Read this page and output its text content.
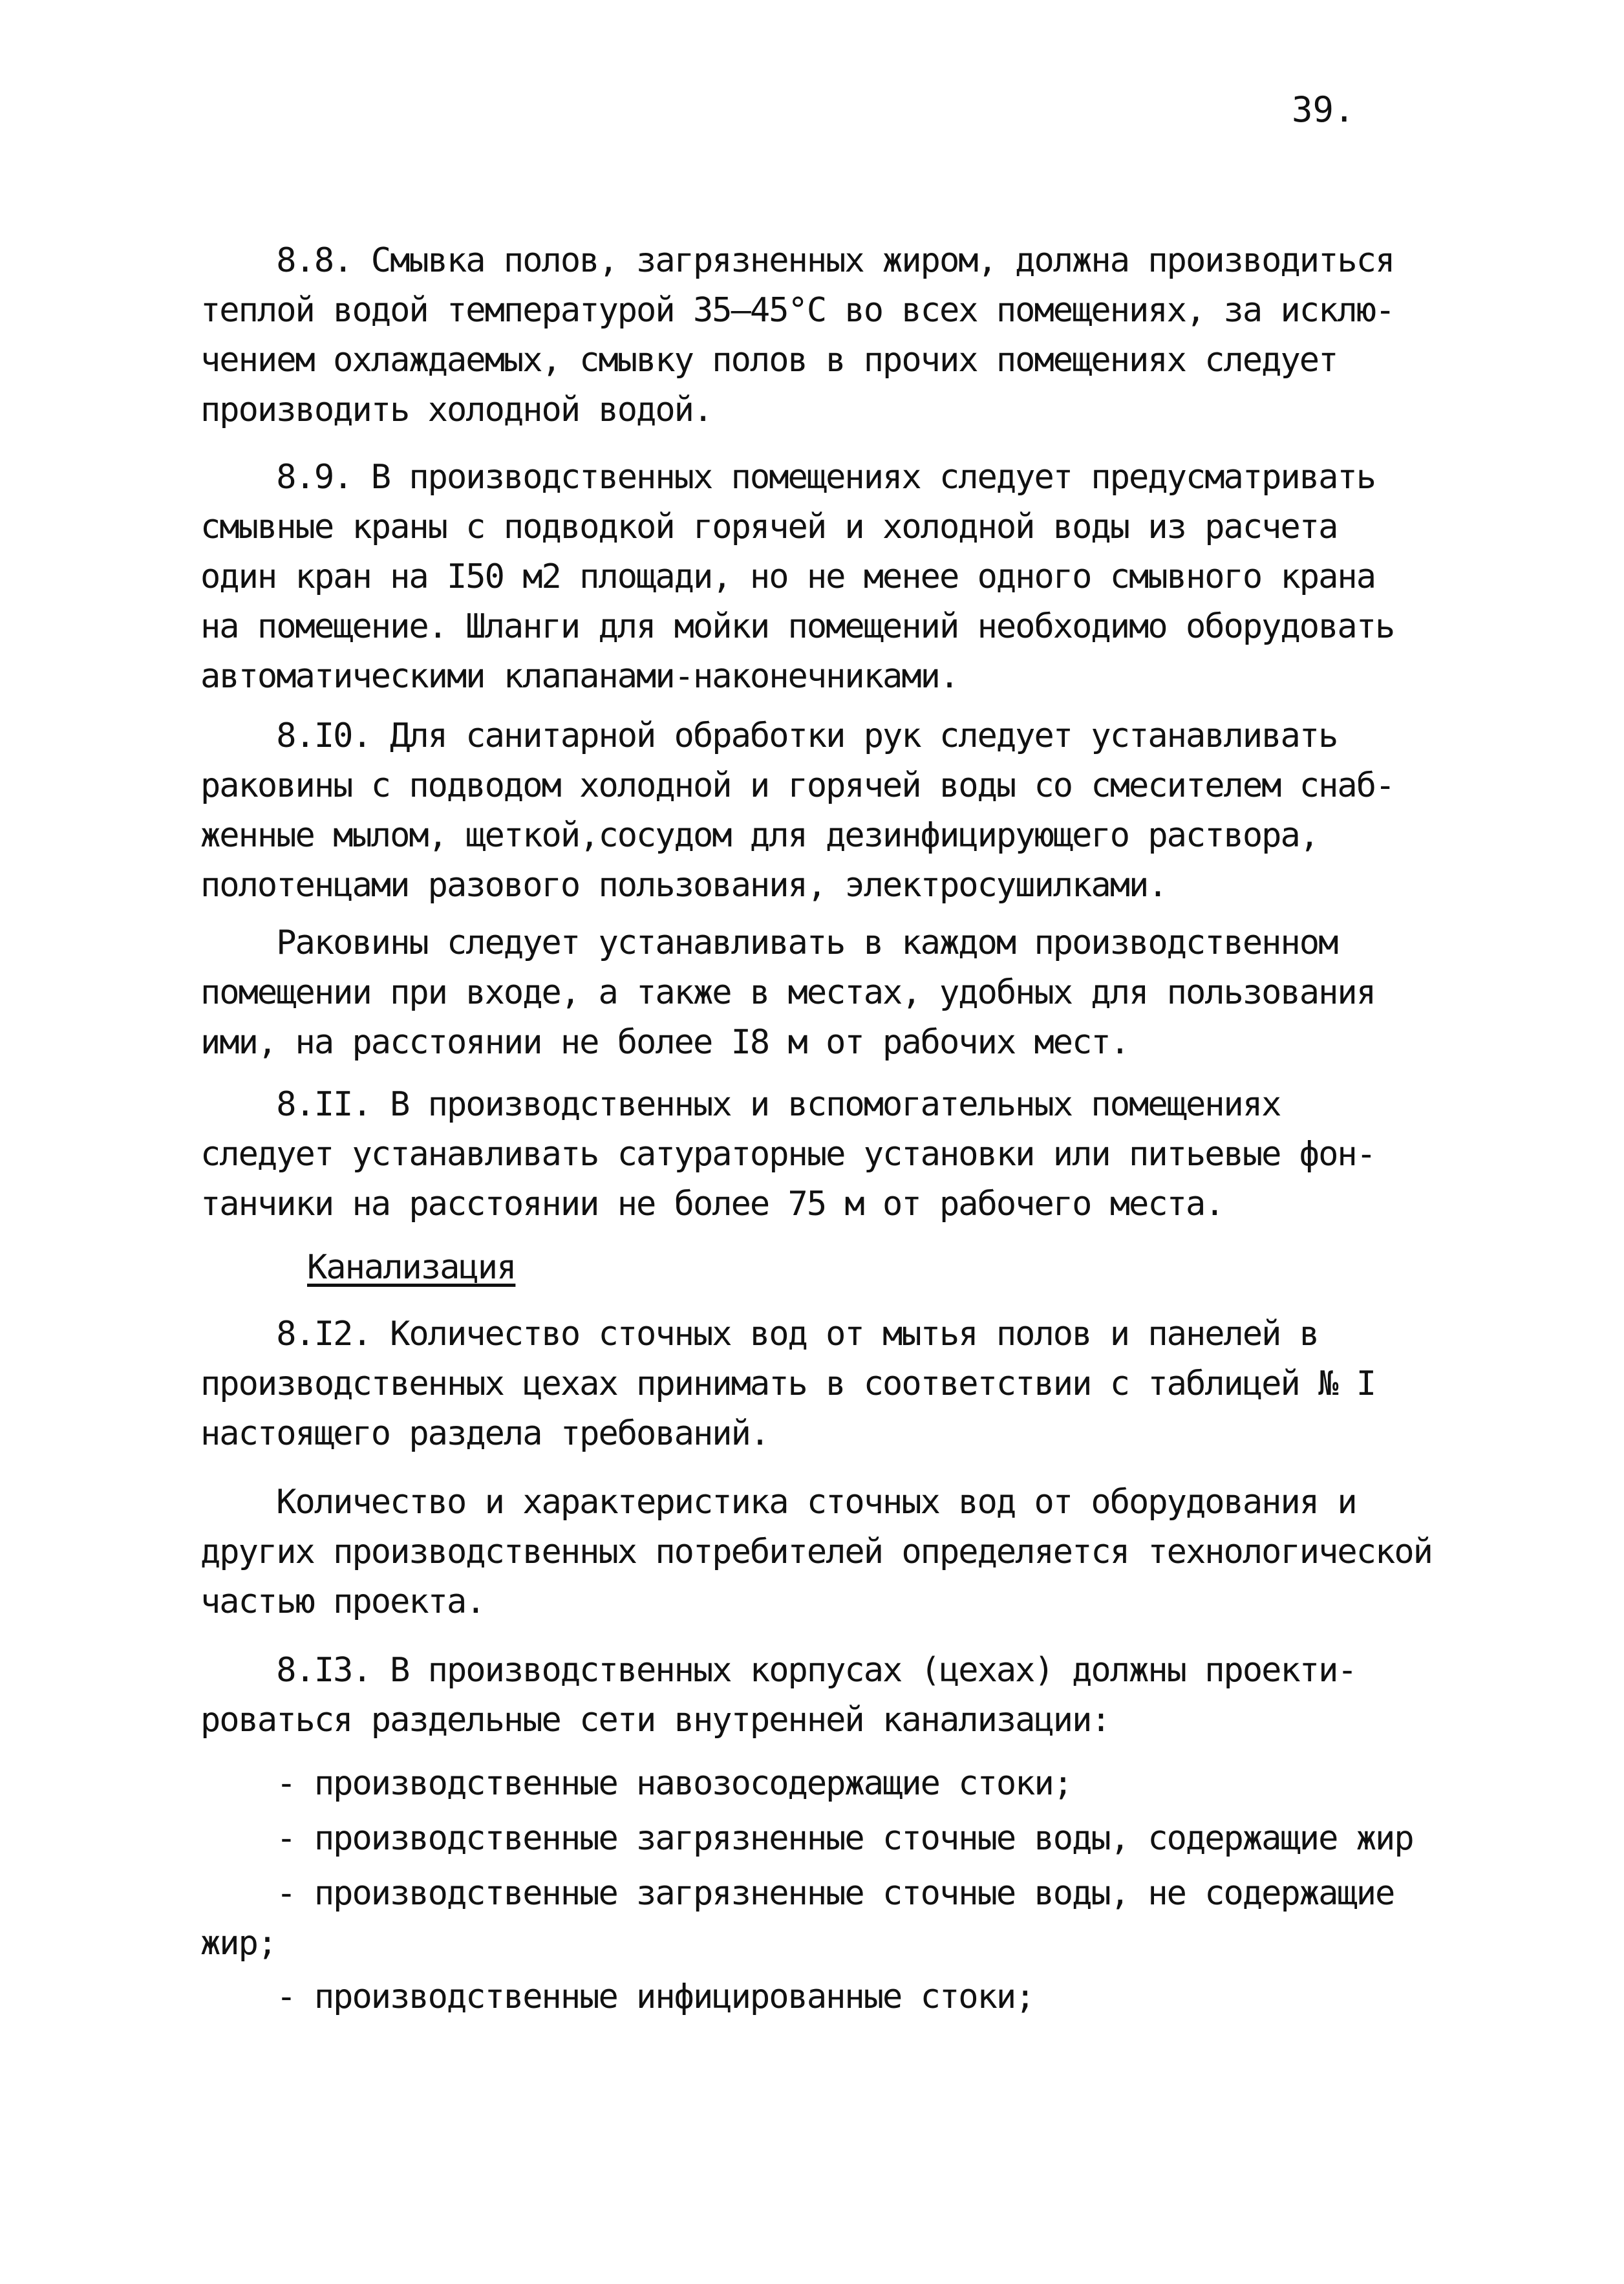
39.

8.8. Смывка полов, загрязненных жиром, должна производиться
теплой водой температурой 35–45°С во всех помещениях, за исклю-
чением охлаждаемых, смывку полов в прочих помещениях следует
производить холодной водой.

8.9. В производственных помещениях следует предусматривать
смывные краны с подводкой горячей и холодной воды из расчета
один кран на I50 м2 площади, но не менее одного смывного крана
на помещение. Шланги для мойки помещений необходимо оборудовать
автоматическими клапанами-наконечниками.

8.I0. Для санитарной обработки рук следует устанавливать
раковины с подводом холодной и горячей воды со смесителем снаб-
женные мылом, щеткой,сосудом для дезинфицирующего раствора,
полотенцами разового пользования, электросушилками.

Раковины следует устанавливать в каждом производственном
помещении при входе, а также в местах, удобных для пользования
ими, на расстоянии не более I8 м от рабочих мест.

8.II. В производственных и вспомогательных помещениях
следует устанавливать сатураторные установки или питьевые фон-
танчики на расстоянии не более 75 м от рабочего места.

Канализация

8.I2. Количество сточных вод от мытья полов и панелей в
производственных цехах принимать в соответствии с таблицей № I
настоящего раздела требований.

Количество и характеристика сточных вод от оборудования и
других производственных потребителей определяется технологической
частью проекта.

8.I3. В производственных корпусах (цехах) должны проекти-
роваться раздельные сети внутренней канализации:

- производственные навозосодержащие стоки;

- производственные загрязненные сточные воды, содержащие жир

- производственные загрязненные сточные воды, не содержащие
жир;

- производственные инфицированные стоки;
